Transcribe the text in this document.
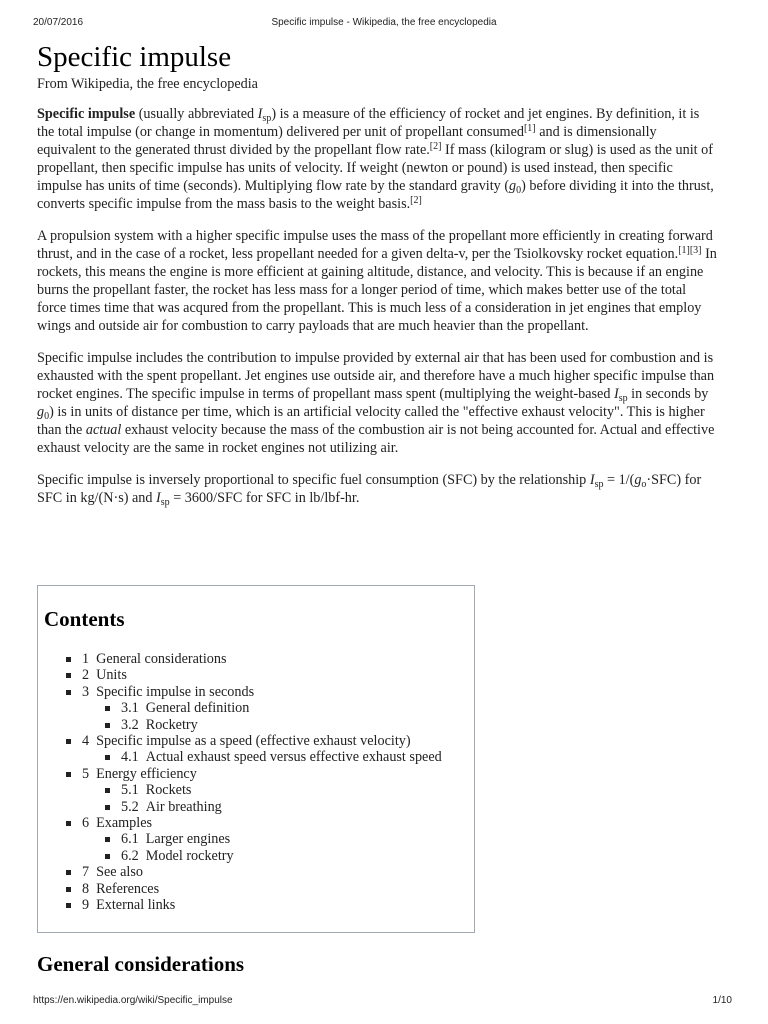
20/07/2016	Specific impulse - Wikipedia, the free encyclopedia
Specific impulse
From Wikipedia, the free encyclopedia

Specific impulse (usually abbreviated $I_{sp}$) is a measure of the efficiency of rocket and jet engines. By definition, it is the total impulse (or change in momentum) delivered per unit of propellant consumed[1] and is dimensionally equivalent to the generated thrust divided by the propellant flow rate.[2] If mass (kilogram or slug) is used as the unit of propellant, then specific impulse has units of velocity. If weight (newton or pound) is used instead, then specific impulse has units of time (seconds). Multiplying flow rate by the standard gravity $(g_0)$ before dividing it into the thrust, converts specific impulse from the mass basis to the weight basis.[2]

A propulsion system with a higher specific impulse uses the mass of the propellant more efficiently in creating forward thrust, and in the case of a rocket, less propellant needed for a given delta-v, per the Tsiolkovsky rocket equation.[1][3] In rockets, this means the engine is more efficient at gaining altitude, distance, and velocity. This is because if an engine burns the propellant faster, the rocket has less mass for a longer period of time, which makes better use of the total force times time that was acqured from the propellant. This is much less of a consideration in jet engines that employ wings and outside air for combustion to carry payloads that are much heavier than the propellant.

Specific impulse includes the contribution to impulse provided by external air that has been used for combustion and is exhausted with the spent propellant. Jet engines use outside air, and therefore have a much higher specific impulse than rocket engines. The specific impulse in terms of propellant mass spent (multiplying the weight-based $I_{sp}$ in seconds by $g_0$) is in units of distance per time, which is an artificial velocity called the "effective exhaust velocity". This is higher than the actual exhaust velocity because the mass of the combustion air is not being accounted for. Actual and effective exhaust velocity are the same in rocket engines not utilizing air.

Specific impulse is inversely proportional to specific fuel consumption (SFC) by the relationship $I_{sp} = 1/(g_o\cdot SFC)$ for SFC in kg/(N·s) and $I_{sp} = 3600/SFC$ for SFC in lb/lbf-hr.

Contents
1 General considerations
2 Units
3 Specific impulse in seconds
3.1 General definition
3.2 Rocketry
4 Specific impulse as a speed (effective exhaust velocity)
4.1 Actual exhaust speed versus effective exhaust speed
5 Energy efficiency
5.1 Rockets
5.2 Air breathing
6 Examples
6.1 Larger engines
6.2 Model rocketry
7 See also
8 References
9 External links
General considerations
https://en.wikipedia.org/wiki/Specific_impulse	1/10
